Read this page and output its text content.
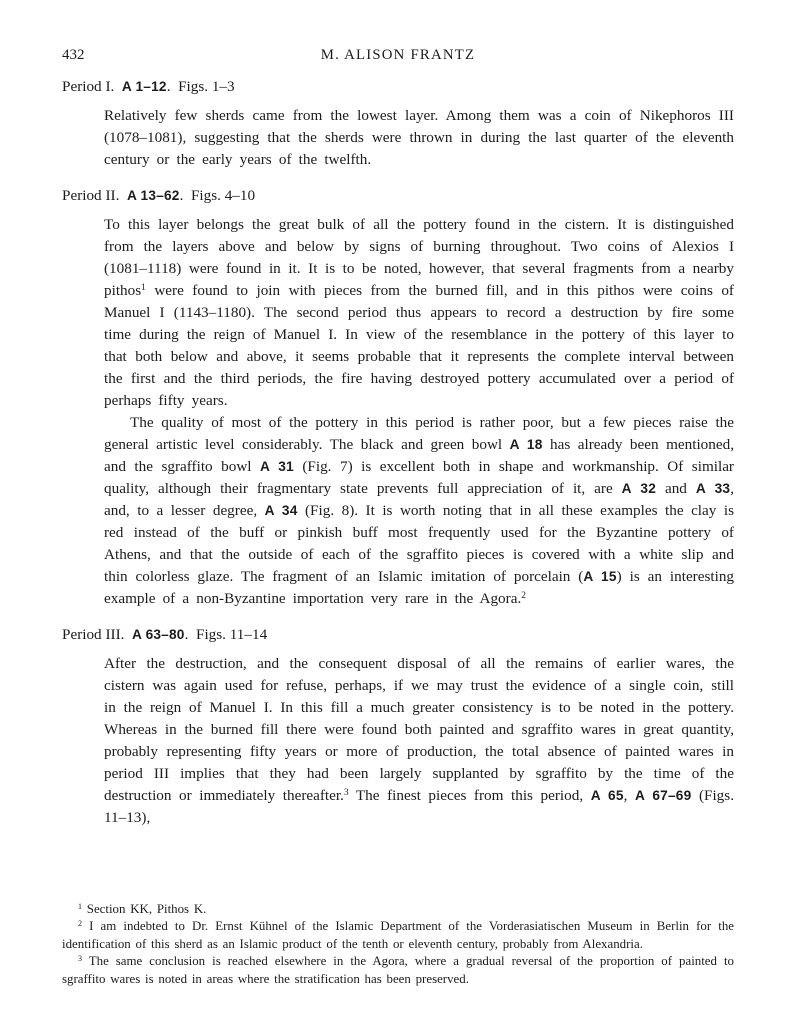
432	M. ALISON FRANTZ
Period I.  A 1–12.  Figs. 1–3

Relatively few sherds came from the lowest layer. Among them was a coin of Nikephoros III (1078–1081), suggesting that the sherds were thrown in during the last quarter of the eleventh century or the early years of the twelfth.

Period II.  A 13–62.  Figs. 4–10

To this layer belongs the great bulk of all the pottery found in the cistern. It is distinguished from the layers above and below by signs of burning throughout. Two coins of Alexios I (1081–1118) were found in it. It is to be noted, however, that several fragments from a nearby pithos$^1$ were found to join with pieces from the burned fill, and in this pithos were coins of Manuel I (1143–1180). The second period thus appears to record a destruction by fire some time during the reign of Manuel I. In view of the resemblance in the pottery of this layer to that both below and above, it seems probable that it represents the complete interval between the first and the third periods, the fire having destroyed pottery accumulated over a period of perhaps fifty years.

The quality of most of the pottery in this period is rather poor, but a few pieces raise the general artistic level considerably. The black and green bowl A 18 has already been mentioned, and the sgraffito bowl A 31 (Fig. 7) is excellent both in shape and workmanship. Of similar quality, although their fragmentary state prevents full appreciation of it, are A 32 and A 33, and, to a lesser degree, A 34 (Fig. 8). It is worth noting that in all these examples the clay is red instead of the buff or pinkish buff most frequently used for the Byzantine pottery of Athens, and that the outside of each of the sgraffito pieces is covered with a white slip and thin colorless glaze. The fragment of an Islamic imitation of porcelain (A 15) is an interesting example of a non-Byzantine importation very rare in the Agora.$^2$

Period III.  A 63–80.  Figs. 11–14

After the destruction, and the consequent disposal of all the remains of earlier wares, the cistern was again used for refuse, perhaps, if we may trust the evidence of a single coin, still in the reign of Manuel I. In this fill a much greater consistency is to be noted in the pottery. Whereas in the burned fill there were found both painted and sgraffito wares in great quantity, probably representing fifty years or more of production, the total absence of painted wares in period III implies that they had been largely supplanted by sgraffito by the time of the destruction or immediately thereafter.$^3$ The finest pieces from this period, A 65, A 67–69 (Figs. 11–13),

$^1$ Section KK, Pithos K.

$^2$ I am indebted to Dr. Ernst Kühnel of the Islamic Department of the Vorderasiatischen Museum in Berlin for the identification of this sherd as an Islamic product of the tenth or eleventh century, probably from Alexandria.

$^3$ The same conclusion is reached elsewhere in the Agora, where a gradual reversal of the proportion of painted to sgraffito wares is noted in areas where the stratification has been preserved.
